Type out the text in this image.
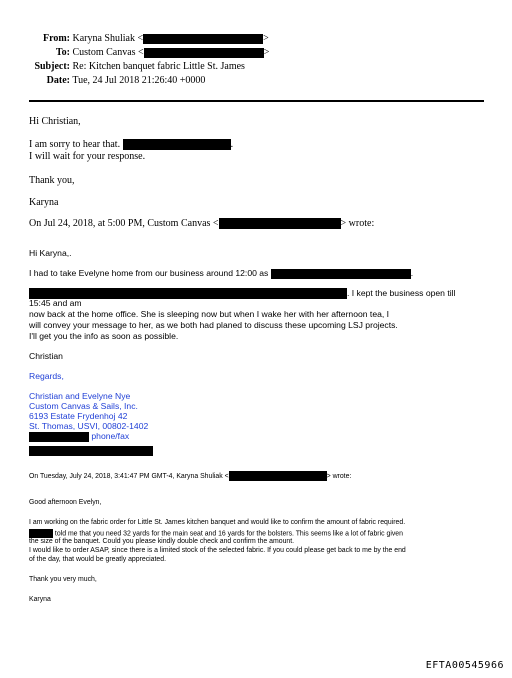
From: Karyna Shuliak <	>
To: Custom Canvas <	>
Subject: Re: Kitchen banquet fabric Little St. James
Date: Tue, 24 Jul 2018 21:26:40 +0000
Hi Christian,
I am sorry to hear that.	.
I will wait for your response.
Thank you,
Karyna
On Jul 24, 2018, at 5:00 PM, Custom Canvas <	> wrote:
Hi Karyna,.
I had to take Evelyne home from our business around 12:00 as	.
. I kept the business open till
15:45 and am
now back at the home office. She is sleeping now but when I wake her with her afternoon tea, I
will convey your message to her, as we both had planed to discuss these upcoming LSJ projects.
I'll get you the info as soon as possible.
Christian
Regards,
Christian and Evelyne Nye
Custom Canvas & Sails, Inc.
6193 Estate Frydenhoj 42
St. Thomas, USVI, 00802-1402
phone/fax
On Tuesday, July 24, 2018, 3:41:47 PM GMT-4, Karyna Shuliak <	> wrote:
Good afternoon Evelyn,
I am working on the fabric order for Little St. James kitchen banquet and would like to confirm the amount of fabric required.
told me that you need 32 yards for the main seat and 16 yards for the bolsters. This seems like a lot of fabric given
the size of the banquet. Could you please kindly double check and confirm the amount.
I would like to order ASAP, since there is a limited stock of the selected fabric. If you could please get back to me by the end
of the day, that would be greatly appreciated.
Thank you very much,
Karyna
EFTA00545966
